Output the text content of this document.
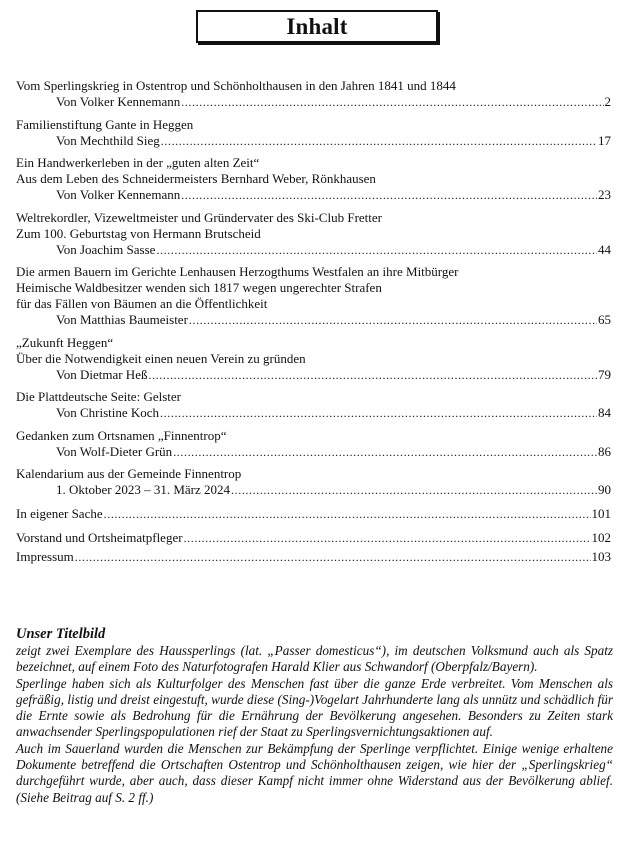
Inhalt
Vom Sperlingskrieg in Ostentrop und Schönholthausen in den Jahren 1841 und 1844
Von Volker Kennemann .....	2
Familienstiftung Gante in Heggen
Von Mechthild Sieg .....	17
Ein Handwerkerleben in der „guten alten Zeit“
Aus dem Leben des Schneidermeisters Bernhard Weber, Rönkhausen
Von Volker Kennemann .....	23
Weltrekordler, Vizeweltmeister und Gründervater des Ski-Club Fretter
Zum 100. Geburtstag von Hermann Brutscheid
Von Joachim Sasse .....	44
Die armen Bauern im Gerichte Lenhausen Herzogthums Westfalen an ihre Mitbürger
Heimische Waldbesitzer wenden sich 1817 wegen ungerechter Strafen
für das Fällen von Bäumen an die Öffentlichkeit
Von Matthias Baumeister .....	65
„Zukunft Heggen“
Über die Notwendigkeit einen neuen Verein zu gründen
Von Dietmar Heß .....	79
Die Plattdeutsche Seite: Gelster
Von Christine Koch .....	84
Gedanken zum Ortsnamen „Finnentrop“
Von Wolf-Dieter Grün .....	86
Kalendarium aus der Gemeinde Finnentrop
1. Oktober 2023 – 31. März 2024 .....	90
In eigener Sache .....	101
Vorstand und Ortsheimatpfleger .....	102
Impressum .....	103
Unser Titelbild

zeigt zwei Exemplare des Haussperlings (lat. „Passer domesticus“), im deutschen Volksmund auch als Spatz bezeichnet, auf einem Foto des Naturfotografen Harald Klier aus Schwandorf (Oberpfalz/Bayern).

Sperlinge haben sich als Kulturfolger des Menschen fast über die ganze Erde verbreitet. Vom Menschen als gefräßig, listig und dreist eingestuft, wurde diese (Sing-)Vogelart Jahrhunderte lang als unnütz und schädlich für die Ernte sowie als Bedrohung für die Ernährung der Bevölkerung angesehen. Besonders zu Zeiten stark anwachsender Sperlingspopulationen rief der Staat zu Sperlingsvernichtungsaktionen auf.

Auch im Sauerland wurden die Menschen zur Bekämpfung der Sperlinge verpflichtet. Einige wenige erhaltene Dokumente betreffend die Ortschaften Ostentrop und Schönholthausen zeigen, wie hier der „Sperlingskrieg“ durchgeführt wurde, aber auch, dass dieser Kampf nicht immer ohne Widerstand aus der Bevölkerung ablief. (Siehe Beitrag auf S. 2 ff.)
